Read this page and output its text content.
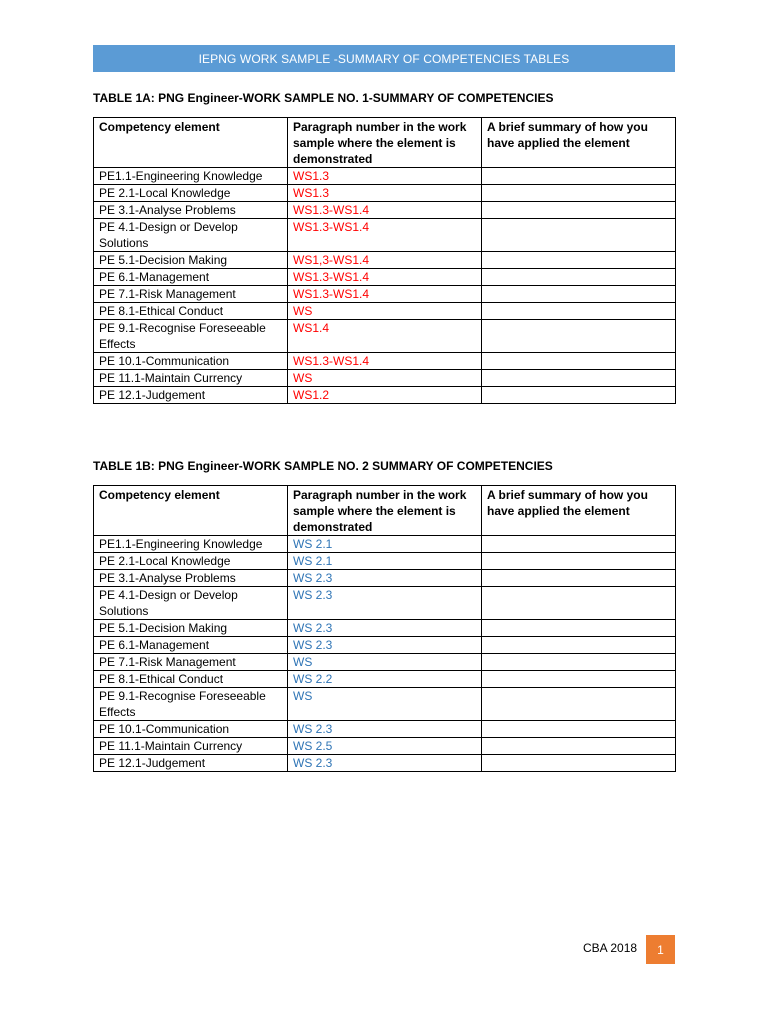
IEPNG WORK SAMPLE -SUMMARY OF COMPETENCIES TABLES
TABLE 1A: PNG Engineer-WORK SAMPLE NO. 1-SUMMARY OF COMPETENCIES
Competency element	Paragraph number in the work sample where the element is demonstrated	A brief summary of how you have applied the element
PE1.1-Engineering Knowledge	WS1.3	
PE 2.1-Local Knowledge	WS1.3	
PE 3.1-Analyse Problems	WS1.3-WS1.4	
PE 4.1-Design or Develop Solutions	WS1.3-WS1.4	
PE 5.1-Decision Making	WS1,3-WS1.4	
PE 6.1-Management	WS1.3-WS1.4	
PE 7.1-Risk Management	WS1.3-WS1.4	
PE 8.1-Ethical Conduct	WS	
PE 9.1-Recognise Foreseeable Effects	WS1.4	
PE 10.1-Communication	WS1.3-WS1.4	
PE 11.1-Maintain Currency	WS	
PE 12.1-Judgement	WS1.2	
TABLE 1B: PNG Engineer-WORK SAMPLE NO. 2 SUMMARY OF COMPETENCIES
Competency element	Paragraph number in the work sample where the element is demonstrated	A brief summary of how you have applied the element
PE1.1-Engineering Knowledge	WS 2.1	
PE 2.1-Local Knowledge	WS 2.1	
PE 3.1-Analyse Problems	WS 2.3	
PE 4.1-Design or Develop Solutions	WS 2.3	
PE 5.1-Decision Making	WS 2.3	
PE 6.1-Management	WS 2.3	
PE 7.1-Risk Management	WS	
PE 8.1-Ethical Conduct	WS 2.2	
PE 9.1-Recognise Foreseeable Effects	WS	
PE 10.1-Communication	WS 2.3	
PE 11.1-Maintain Currency	WS 2.5	
PE 12.1-Judgement	WS 2.3	
CBA 2018	1
